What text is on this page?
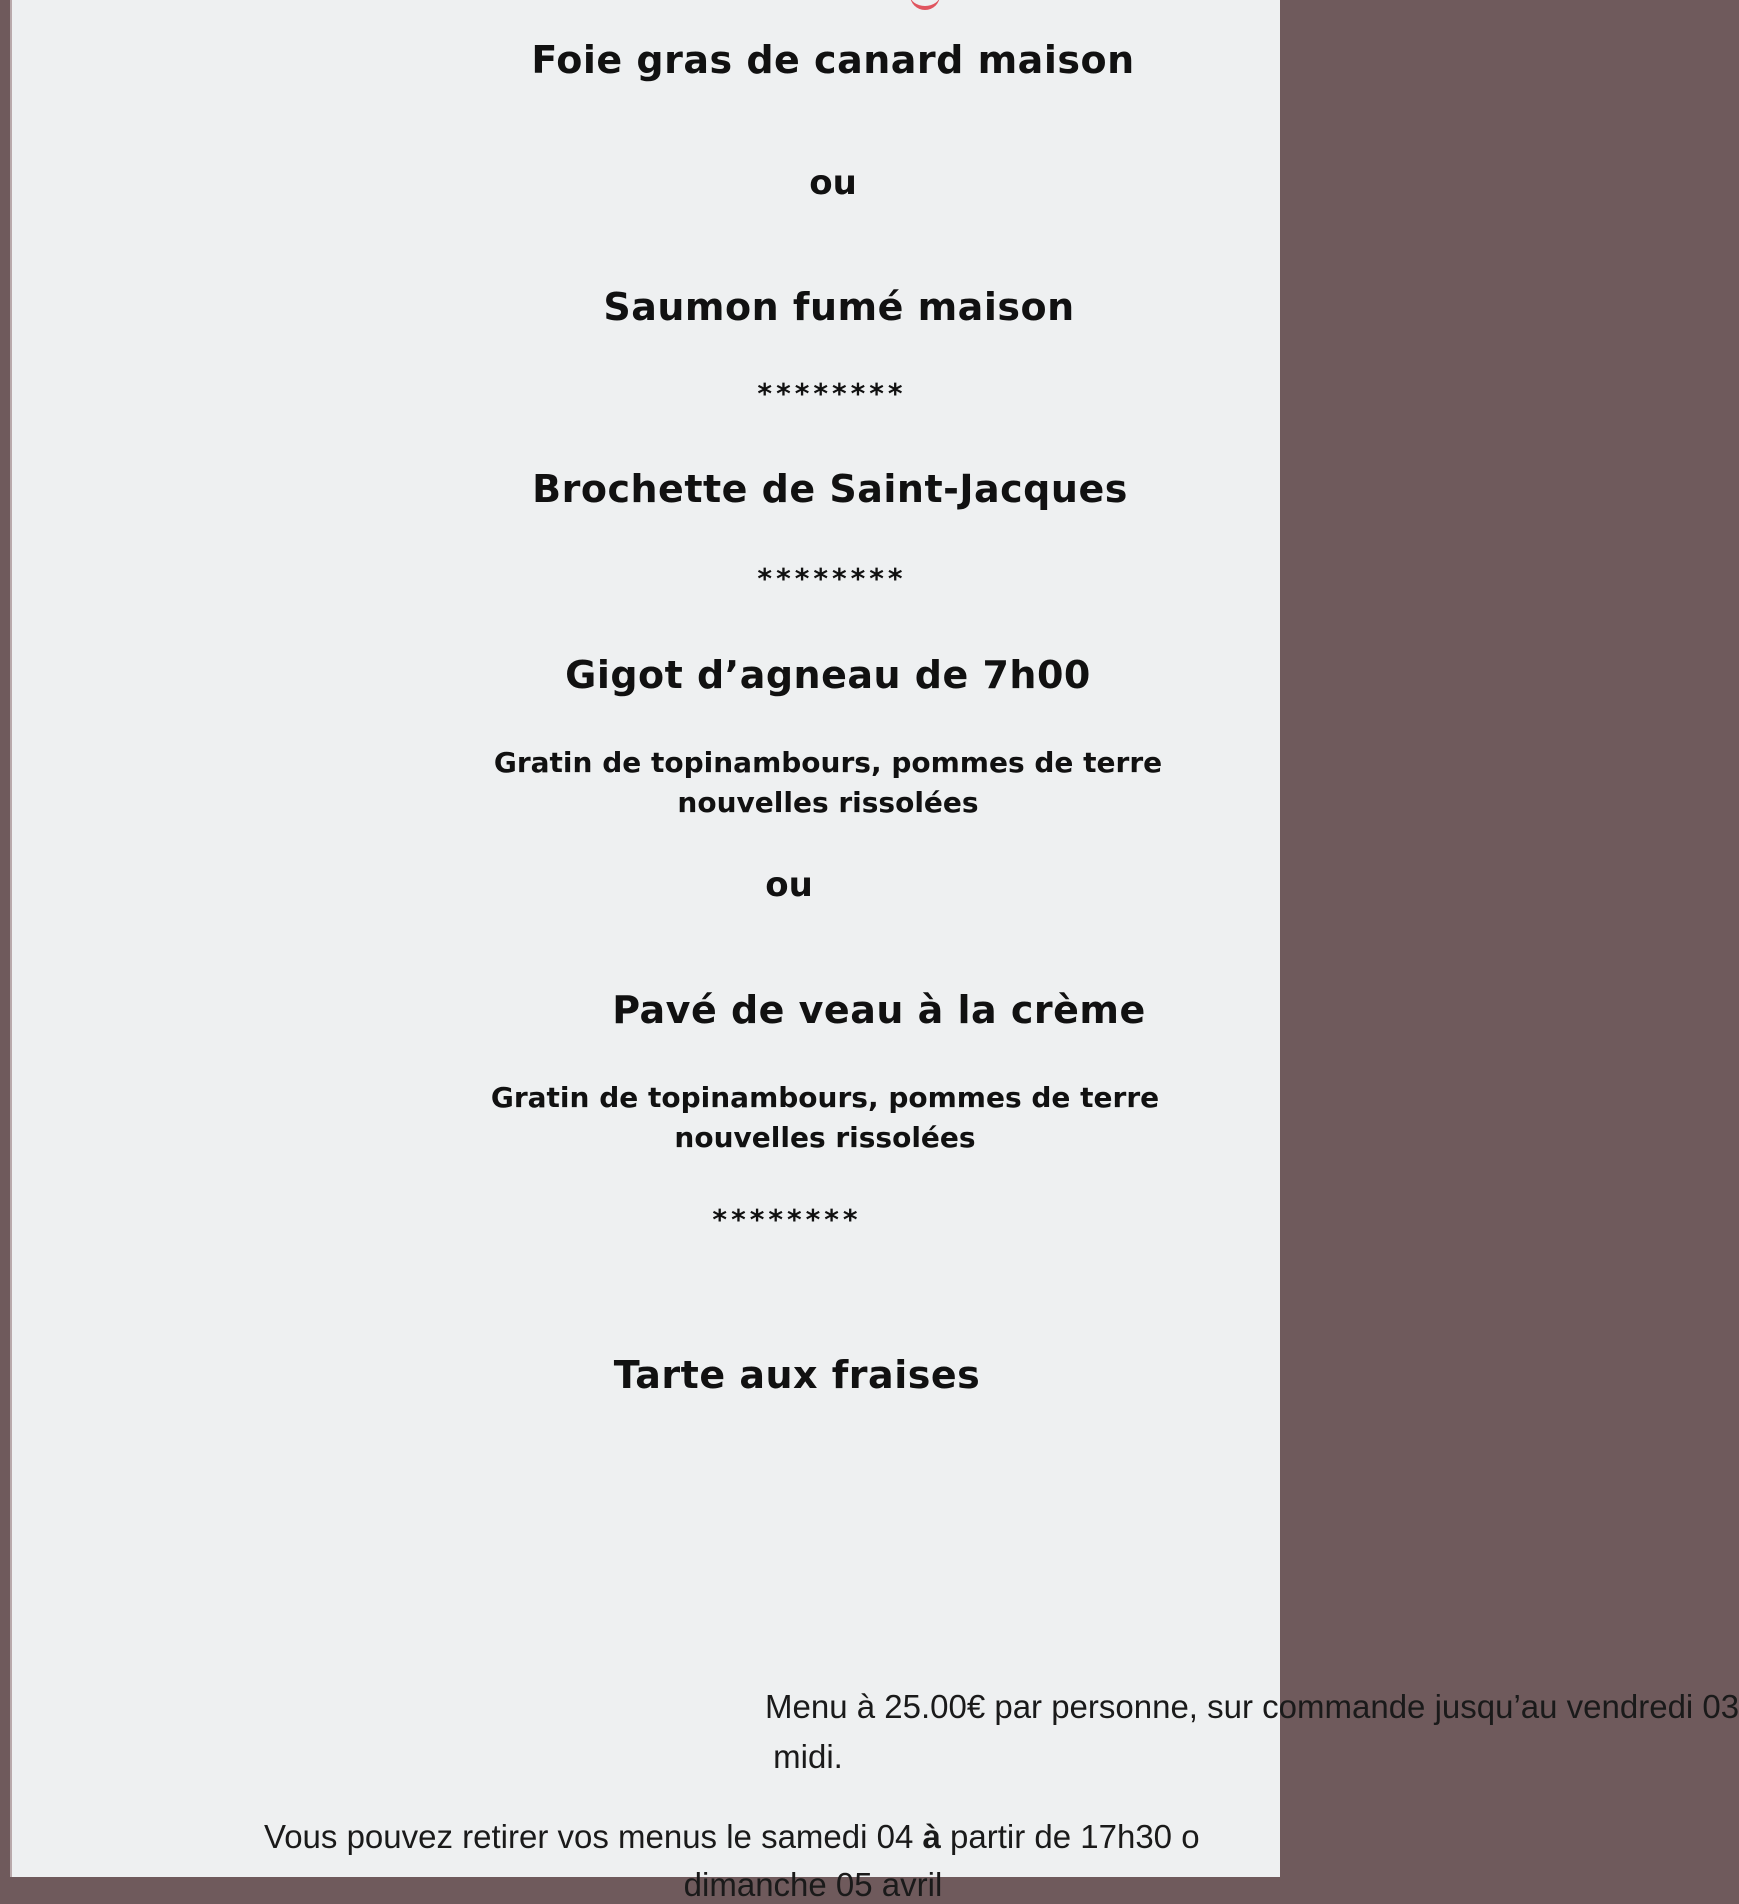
Foie gras de canard maison
ou
Saumon fumé maison
********
Brochette de Saint-Jacques
********
Gigot d’agneau de 7h00
Gratin de topinambours, pommes de terre
nouvelles rissolées
ou
Pavé de veau à la crème
Gratin de topinambours, pommes de terre
nouvelles rissolées
********
Tarte aux fraises
Menu à 25.00€ par personne, sur commande jusqu’au vendredi 03
midi.
Vous pouvez retirer vos menus le samedi 04 à partir de 17h30 o
dimanche 05 avril
